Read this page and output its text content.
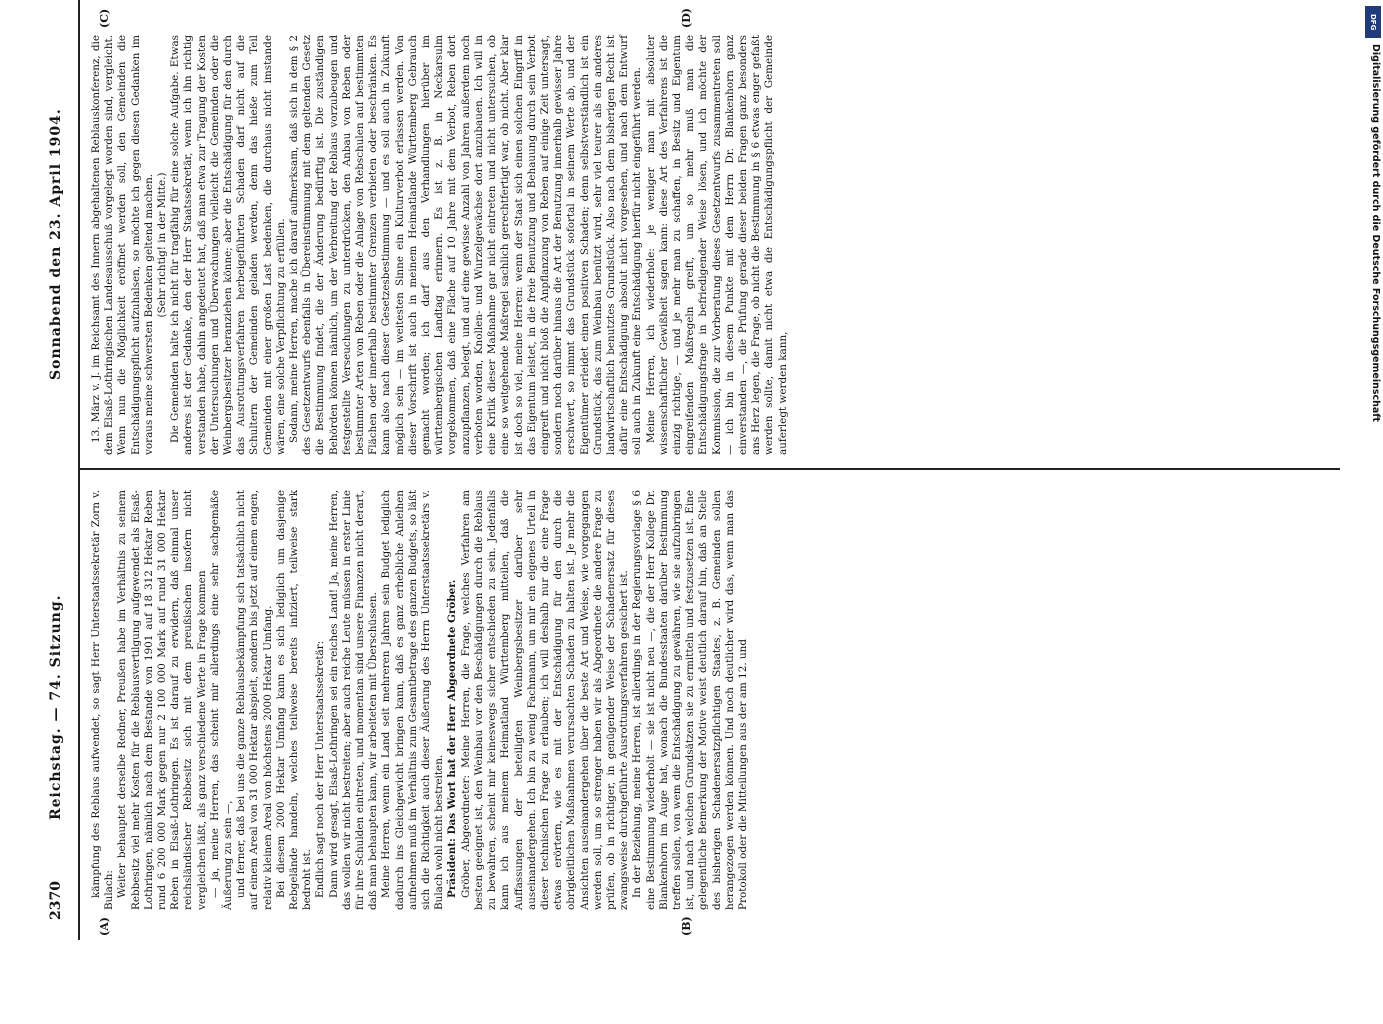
2370
Reichstag. — 74. Sitzung.
Sonnabend den 23. April 1904.
(A)	(B)
(C)	(D)

kämpfung des Reblaus aufwendet, so sagt Herr Unterstaatssekretär Zorn v. Bulach: Weiter behauptet derselbe Redner, Preußen habe im Verhältnis zu seinem Rebbesitz viel mehr Kosten für die Reblausvertilgung aufgewendet als Elsaß-Lothringen, nämlich nach dem Bestande von 1901 auf 18 312 Hektar Reben rund 6 200 000 Mark gegen nur 2 100 000 Mark auf rund 31 000 Hektar Reben in Elsaß-Lothringen. Es ist darauf zu erwidern, daß einmal unser reichsländischer Rebbesitz sich mit dem preußischen insofern nicht vergleichen läßt, als ganz verschiedene Werte in Frage kommen — ja, meine Herren, das scheint mir allerdings eine sehr sachgemäße Äußerung zu sein —, und ferner, daß bei uns die ganze Reblausbekämpfung sich tatsächlich nicht auf einem Areal von 31 000 Hektar abspielt, sondern bis jetzt auf einem engen, relativ kleinen Areal von höchstens 2000 Hektar Umfang. Bei diesem 2000 Hektar Umfang kann es sich lediglich um dasjenige Rebgelände handeln, welches teilweise bereits infiziert, teilweise stark bedroht ist. Endlich sagt noch der Herr Unterstaatssekretär: Dann wird gesagt, Elsaß-Lothringen sei ein reiches Land! Ja, meine Herren, das wollen wir nicht bestreiten; aber auch reiche Leute müssen in erster Linie für ihre Schulden eintreten, und momentan sind unsere Finanzen nicht derart, daß man behaupten kann, wir arbeiteten mit Überschüssen. Meine Herren, wenn ein Land seit mehreren Jahren sein Budget lediglich dadurch ins Gleichgewicht bringen kann, daß es ganz erhebliche Anleihen aufnehmen muß im Verhältnis zum Gesamtbetrage des ganzen Budgets, so läßt sich die Richtigkeit auch dieser Äußerung des Herrn Unterstaatssekretärs v. Bulach wohl nicht bestreiten. Präsident: Das Wort hat der Herr Abgeordnete Gröber. Gröber, Abgeordneter: Meine Herren, die Frage, welches Verfahren am besten geeignet ist, den Weinbau vor den Beschädigungen durch die Reblaus zu bewahren, scheint mir keineswegs sicher entschieden zu sein. Jedenfalls kann ich aus meinem Heimatland Württemberg mitteilen, daß die Auffassungen der beteiligten Weinbergsbesitzer darüber sehr auseinandergehen. Ich bin zu wenig Fachmann, um mir ein eigenes Urteil in dieser technischen Frage zu erlauben; ich will deshalb nur die eine Frage etwas erörtern, wie es mit der Entschädigung für den durch die obrigkeitlichen Maßnahmen verursachten Schaden zu halten ist. Je mehr die Ansichten auseinandergehen über die beste Art und Weise, wie vorgegangen werden soll, um so strenger haben wir als Abgeordnete die andere Frage zu prüfen, ob in richtiger, in genügender Weise der Schadenersatz für dieses zwangsweise durchgeführte Ausrottungsverfahren gesichert ist. In der Beziehung, meine Herren, ist allerdings in der Regierungsvorlage § 6 eine Bestimmung wiederholt — sie ist nicht neu —, die der Herr Kollege Dr. Blankenhorn im Auge hat, wonach die Bundesstaaten darüber Bestimmung treffen sollen, von wem die Entschädigung zu gewähren, wie sie aufzubringen ist, und nach welchen Grundsätzen sie zu ermitteln und festzusetzen ist. Eine gelegentliche Bemerkung der Motive weist deutlich darauf hin, daß an Stelle des bisherigen Schadenersatzpflichtigen Staates, z. B. Gemeinden sollen herangezogen werden können. Und noch deutlicher wird das, wenn man das Protokoll oder die Mitteilungen aus der am 12. und

13. März v. J. im Reichsamt des Innern abgehaltenen Reblauskonferenz, die dem Elsaß-Lothringischen Landesausschuß vorgelegt worden sind, vergleicht. Wenn nun die Möglichkeit eröffnet werden soll, den Gemeinden die Entschädigungspflicht aufzuhalsen, so möchte ich gegen diesen Gedanken im voraus meine schwersten Bedenken geltend machen. (Sehr richtig! in der Mitte.) Die Gemeinden halte ich nicht für tragfähig für eine solche Aufgabe. Etwas anderes ist der Gedanke, den der Herr Staatssekretär, wenn ich ihn richtig verstanden habe, dahin angedeutet hat, daß man etwa zur Tragung der Kosten der Untersuchungen und Überwachungen vielleicht die Gemeinden oder die Weinbergsbesitzer heranziehen könne; aber die Entschädigung für den durch das Ausrottungsverfahren herbeigeführten Schaden darf nicht auf die Schultern der Gemeinden geladen werden, denn das hieße zum Teil Gemeinden mit einer großen Last bedenken, die durchaus nicht imstande wären, eine solche Verpflichtung zu erfüllen. Sodann, meine Herren, mache ich darauf aufmerksam, daß sich in dem § 2 des Gesetzentwurfs ebenfalls in Übereinstimmung mit dem geltenden Gesetz die Bestimmung findet, die der Änderung bedürftig ist. Die zuständigen Behörden können nämlich, um der Verbreitung der Reblaus vorzubeugen und festgestellte Verseuchungen zu unterdrücken, den Anbau von Reben oder bestimmter Arten von Reben oder die Anlage von Rebschulen auf bestimmten Flächen oder innerhalb bestimmter Grenzen verbieten oder beschränken. Es kann also nach dieser Gesetzesbestimmung — und es soll auch in Zukunft möglich sein — im weitesten Sinne ein Kulturverbot erlassen werden. Von dieser Vorschrift ist auch in meinem Heimatlande Württemberg Gebrauch gemacht worden; ich darf aus den Verhandlungen hierüber im württembergischen Landtag erinnern. Es ist z. B. in Neckarsulm vorgekommen, daß eine Fläche auf 10 Jahre mit dem Verbot, Reben dort anzupflanzen, belegt, und auf eine gewisse Anzahl von Jahren außerdem noch verboten worden, Knollen- und Wurzelgewächse dort anzubauen. Ich will in eine Kritik dieser Maßnahme gar nicht eintreten und nicht untersuchen, ob eine so weitgehende Maßregel sachlich gerechtfertigt war, ob nicht. Aber klar ist doch so viel, meine Herren: wenn der Staat sich einen solchen Eingriff in das Eigentum leistet, in die freie Benutzung und Behauung durch sein Verbot eingreift und nicht bloß die Anpflanzung von Reben auf einige Zeit untersagt, sondern noch darüber hinaus die Art der Benutzung innerhalb gewisser Jahre erschwert, so nimmt das Grundstück sofortal in seinem Werte ab, und der Eigentümer erleidet einen positiven Schaden; denn selbstverständlich ist ein Grundstück, das zum Weinbau benützt wird, sehr viel teurer als ein anderes landwirtschaftlich benutztes Grundstück. Also nach dem bisherigen Recht ist dafür eine Entschädigung absolut nicht vorgesehen, und nach dem Entwurf soll auch in Zukunft eine Entschädigung hierfür nicht eingeführt werden. Meine Herren, ich wiederhole: je weniger man mit absoluter wissenschaftlicher Gewißheit sagen kann: diese Art des Verfahrens ist die einzig richtige, — und je mehr man zu schaffen, in Besitz und Eigentum eingreifenden Maßregeln greift, um so mehr muß man die Entschädigungsfrage in befriedigender Weise lösen, und ich möchte der Kommission, die zur Vorberatung dieses Gesetzentwurfs zusammentreten soll — ich bin in diesem Punkte mit dem Herrn Dr. Blankenhorn ganz einverstanden —, die Prüfung gerade dieser beiden Fragen ganz besonders ans Herz legen, die Frage, ob nicht die Bestimmung in § 6 etwas enger gefaßt werden sollte, damit nicht etwa die Entschädigungspflicht der Gemeinde auferlegt werden kann,

DFG
Digitalisierung gefördert durch die Deutsche Forschungsgemeinschaft
